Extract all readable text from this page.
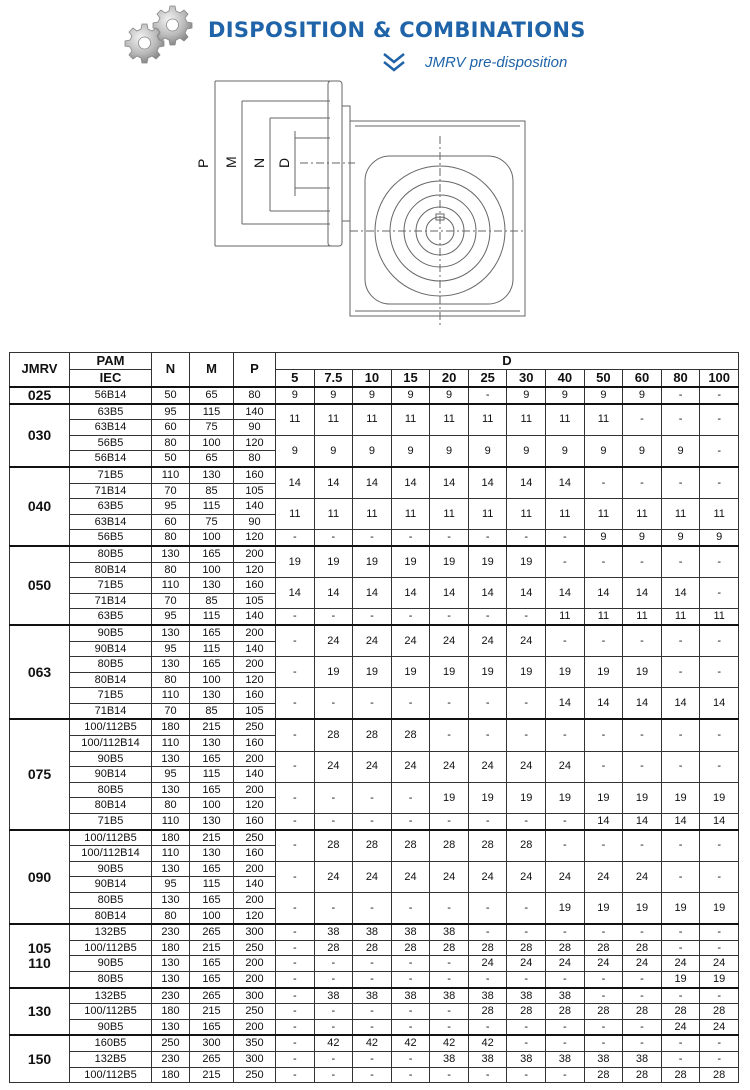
DISPOSITION & COMBINATIONS
JMRV pre-disposition
P M N D
JMRV	PAM	N	M	P	D											
	IEC				5	7.5	10	15	20	25	30	40	50	60	80	100
025	56B14	50	65	80	9	9	9	9	9	-	9	9	9	9	-	-
030	63B5	95	115	140	11	11	11	11	11	11	11	11	11	-	-	-
	63B14	60	75	90												
	56B5	80	100	120	9	9	9	9	9	9	9	9	9	9	9	-
	56B14	50	65	80												
040	71B5	110	130	160	14	14	14	14	14	14	14	14	-	-	-	-
	71B14	70	85	105												
	63B5	95	115	140	11	11	11	11	11	11	11	11	11	11	11	11
	63B14	60	75	90												
	56B5	80	100	120	-	-	-	-	-	-	-	-	9	9	9	9
050	80B5	130	165	200	19	19	19	19	19	19	19	-	-	-	-	-
	80B14	80	100	120												
	71B5	110	130	160	14	14	14	14	14	14	14	14	14	14	14	-
	71B14	70	85	105												
	63B5	95	115	140	-	-	-	-	-	-	-	11	11	11	11	11
063	90B5	130	165	200	-	24	24	24	24	24	24	-	-	-	-	-
	90B14	95	115	140												
	80B5	130	165	200	-	19	19	19	19	19	19	19	19	19	-	-
	80B14	80	100	120												
	71B5	110	130	160	-	-	-	-	-	-	-	14	14	14	14	14
	71B14	70	85	105												
075	100/112B5	180	215	250	-	28	28	28	-	-	-	-	-	-	-	-
	100/112B14	110	130	160												
	90B5	130	165	200	-	24	24	24	24	24	24	24	-	-	-	-
	90B14	95	115	140												
	80B5	130	165	200	-	-	-	-	19	19	19	19	19	19	19	19
	80B14	80	100	120												
	71B5	110	130	160	-	-	-	-	-	-	-	-	14	14	14	14
090	100/112B5	180	215	250	-	28	28	28	28	28	28	-	-	-	-	-
	100/112B14	110	130	160												
	90B5	130	165	200	-	24	24	24	24	24	24	24	24	24	-	-
	90B14	95	115	140												
	80B5	130	165	200	-	-	-	-	-	-	-	19	19	19	19	19
	80B14	80	100	120												
105
110	132B5	230	265	300	-	38	38	38	38	-	-	-	-	-	-	-
	100/112B5	180	215	250	-	28	28	28	28	28	28	28	28	28	-	-
	90B5	130	165	200	-	-	-	-	-	24	24	24	24	24	24	24
	80B5	130	165	200	-	-	-	-	-	-	-	-	-	-	19	19
130	132B5	230	265	300	-	38	38	38	38	38	38	38	-	-	-	-
	100/112B5	180	215	250	-	-	-	-	-	28	28	28	28	28	28	28
	90B5	130	165	200	-	-	-	-	-	-	-	-	-	-	24	24
150	160B5	250	300	350	-	42	42	42	42	42	-	-	-	-	-	-
	132B5	230	265	300	-	-	-	-	38	38	38	38	38	38	-	-
	100/112B5	180	215	250	-	-	-	-	-	-	-	-	28	28	28	28
